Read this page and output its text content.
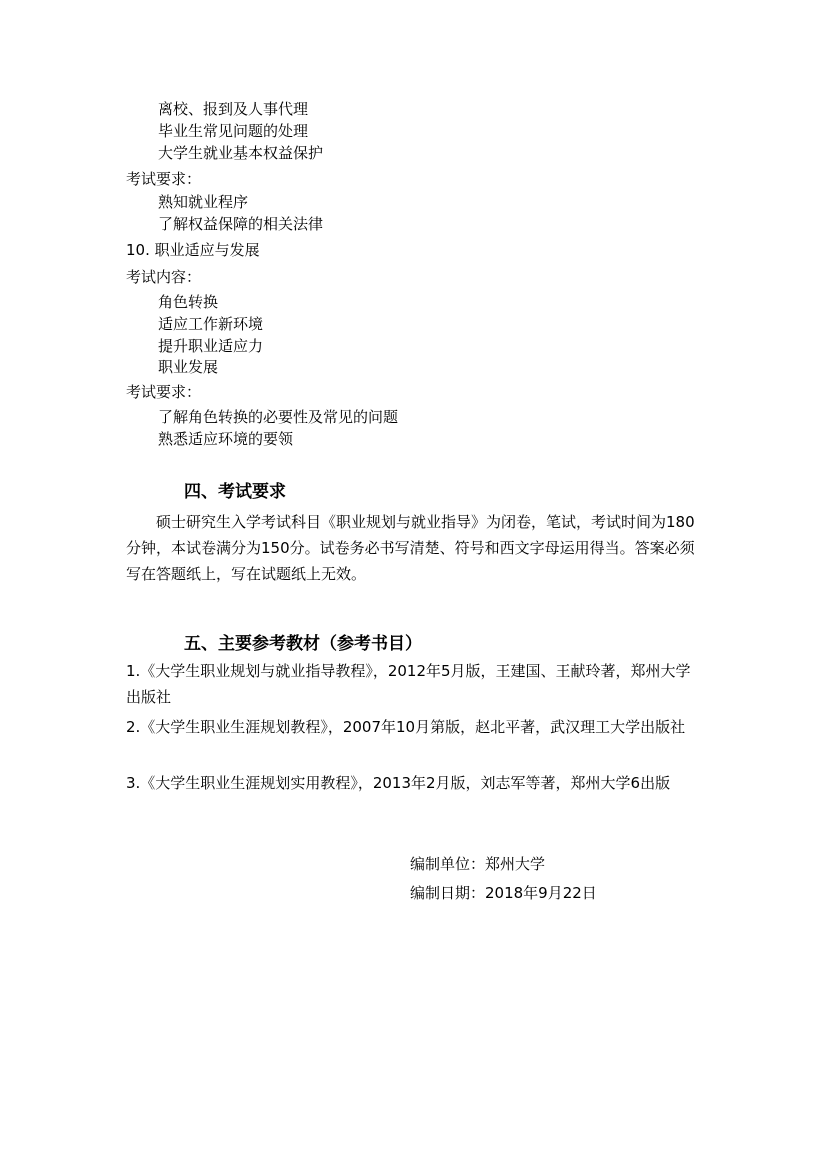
离校、报到及人事代理
毕业生常见问题的处理
大学生就业基本权益保护
考试要求：
熟知就业程序
了解权益保障的相关法律
10. 职业适应与发展
考试内容：
角色转换
适应工作新环境
提升职业适应力
职业发展
考试要求：
了解角色转换的必要性及常见的问题
熟悉适应环境的要领
四、考试要求
硕士研究生入学考试科目《职业规划与就业指导》为闭卷，笔试，考试时间为180分钟，本试卷满分为150分。试卷务必书写清楚、符号和西文字母运用得当。答案必须写在答题纸上，写在试题纸上无效。
五、主要参考教材（参考书目）
1.《大学生职业规划与就业指导教程》，2012年5月版，王建国、王献玲著，郑州大学出版社
2.《大学生职业生涯规划教程》，2007年10月第版，赵北平著，武汉理工大学出版社
3.《大学生职业生涯规划实用教程》，2013年2月版，刘志军等著，郑州大学6出版
编制单位：郑州大学
编制日期：2018年9月22日
